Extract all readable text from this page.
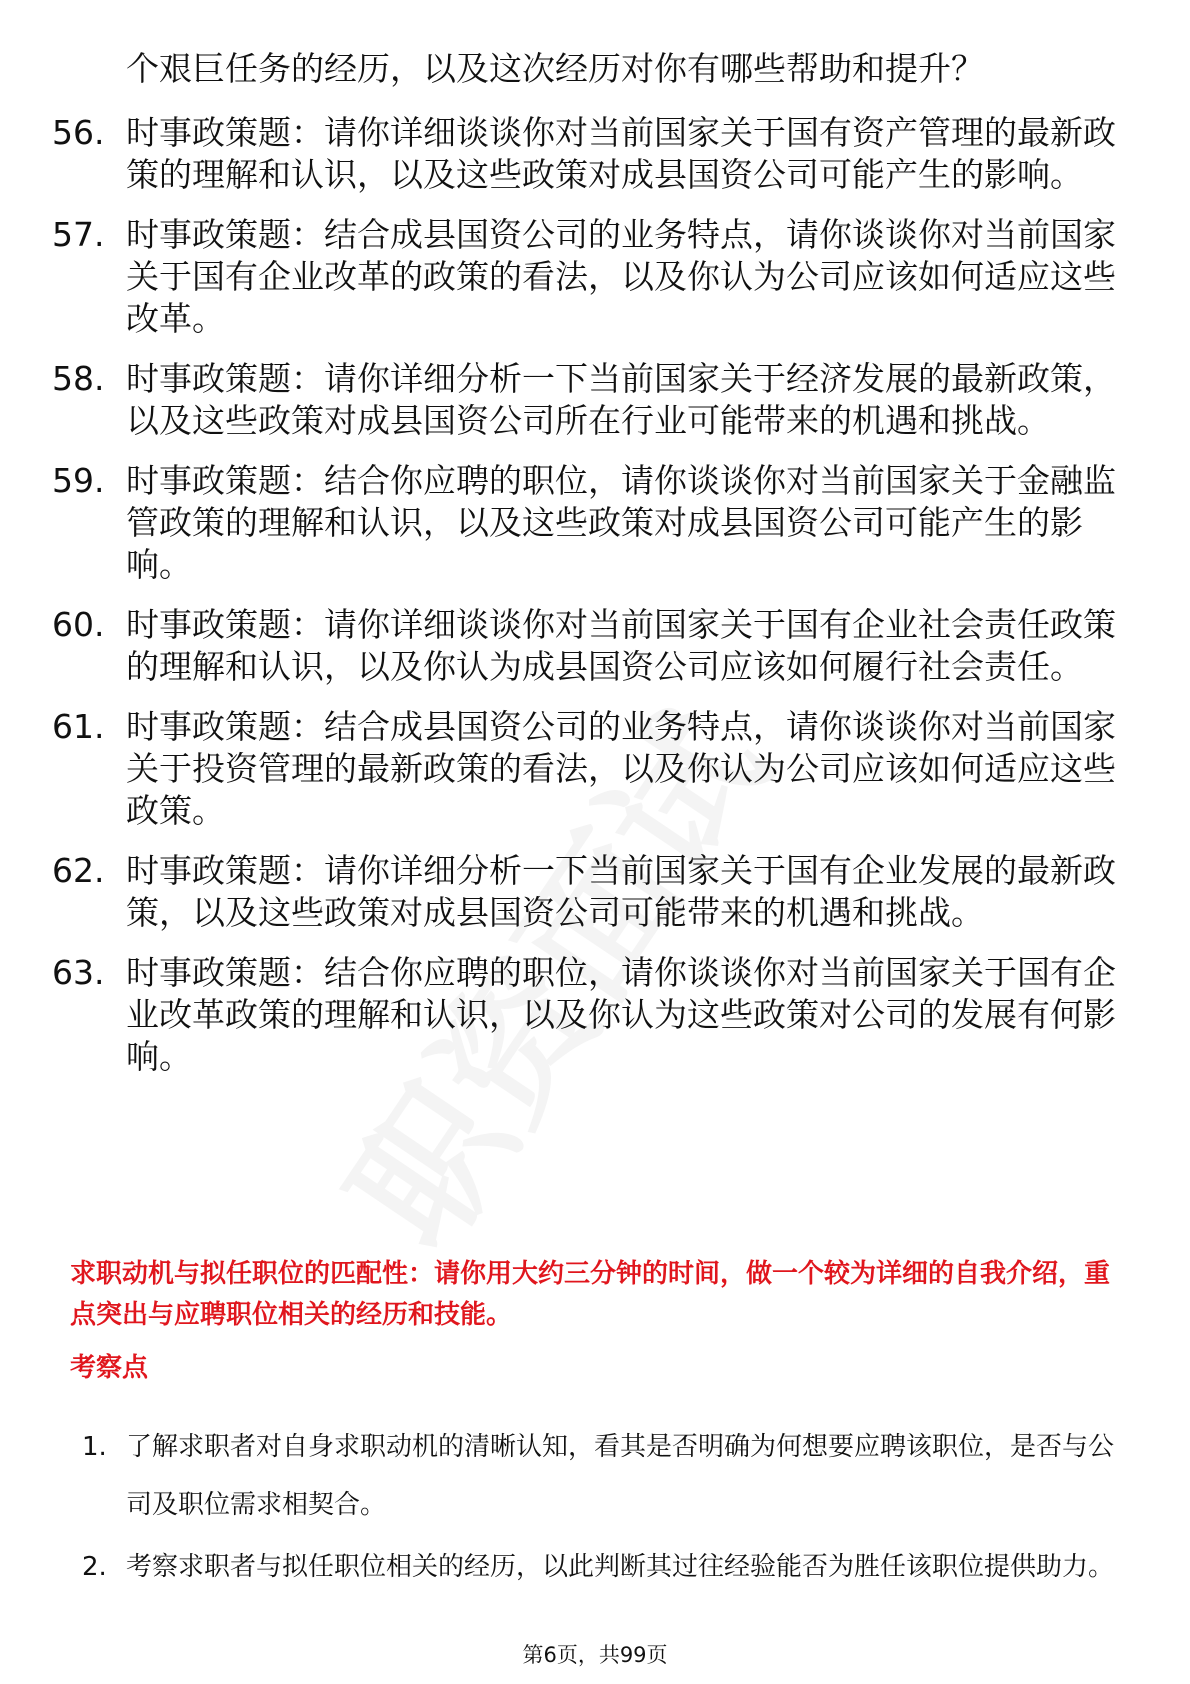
个艰巨任务的经历，以及这次经历对你有哪些帮助和提升？
56. 时事政策题：请你详细谈谈你对当前国家关于国有资产管理的最新政策的理解和认识，以及这些政策对成县国资公司可能产生的影响。
57. 时事政策题：结合成县国资公司的业务特点，请你谈谈你对当前国家关于国有企业改革的政策的看法，以及你认为公司应该如何适应这些改革。
58. 时事政策题：请你详细分析一下当前国家关于经济发展的最新政策，以及这些政策对成县国资公司所在行业可能带来的机遇和挑战。
59. 时事政策题：结合你应聘的职位，请你谈谈你对当前国家关于金融监管政策的理解和认识，以及这些政策对成县国资公司可能产生的影响。
60. 时事政策题：请你详细谈谈你对当前国家关于国有企业社会责任政策的理解和认识，以及你认为成县国资公司应该如何履行社会责任。
61. 时事政策题：结合成县国资公司的业务特点，请你谈谈你对当前国家关于投资管理的最新政策的看法，以及你认为公司应该如何适应这些政策。
62. 时事政策题：请你详细分析一下当前国家关于国有企业发展的最新政策，以及这些政策对成县国资公司可能带来的机遇和挑战。
63. 时事政策题：结合你应聘的职位，请你谈谈你对当前国家关于国有企业改革政策的理解和认识，以及你认为这些政策对公司的发展有何影响。
求职动机与拟任职位的匹配性：请你用大约三分钟的时间，做一个较为详细的自我介绍，重点突出与应聘职位相关的经历和技能。
考察点
1. 了解求职者对自身求职动机的清晰认知，看其是否明确为何想要应聘该职位，是否与公司及职位需求相契合。
2. 考察求职者与拟任职位相关的经历，以此判断其过往经验能否为胜任该职位提供助力。
第6页，共99页
